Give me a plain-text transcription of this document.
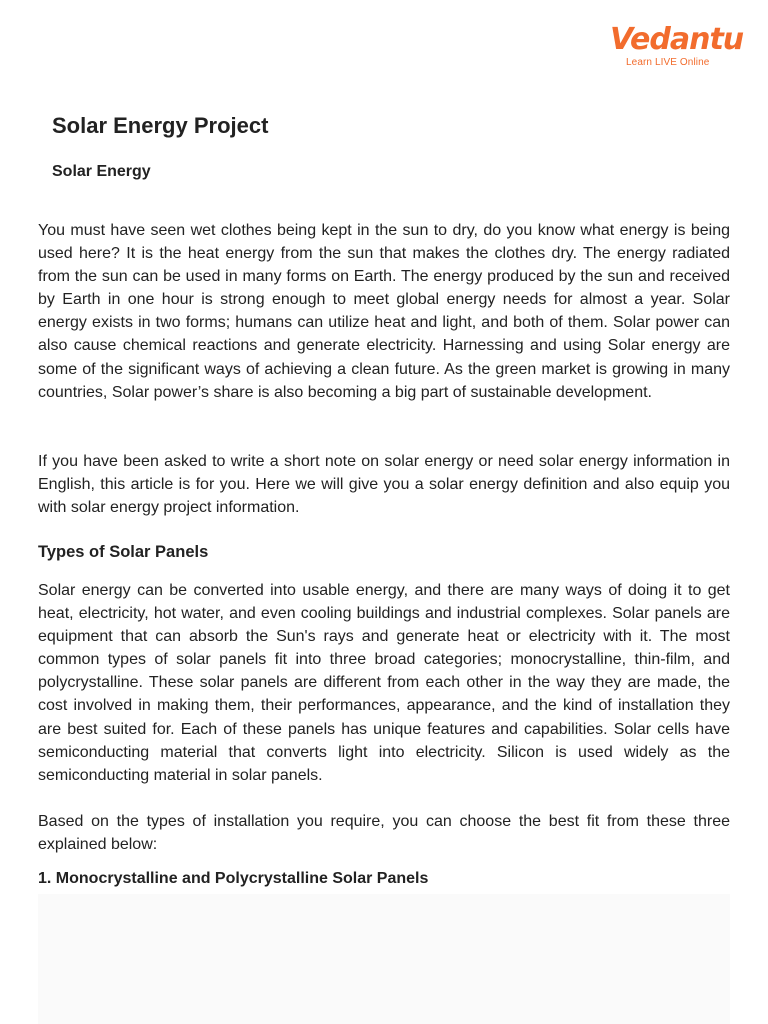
Vedantu
Learn LIVE Online
Solar Energy Project
Solar Energy

You must have seen wet clothes being kept in the sun to dry, do you know what energy is being used here? It is the heat energy from the sun that makes the clothes dry. The energy radiated from the sun can be used in many forms on Earth. The energy produced by the sun and received by Earth in one hour is strong enough to meet global energy needs for almost a year. Solar energy exists in two forms; humans can utilize heat and light, and both of them. Solar power can also cause chemical reactions and generate electricity. Harnessing and using Solar energy are some of the significant ways of achieving a clean future. As the green market is growing in many countries, Solar power’s share is also becoming a big part of sustainable development.

If you have been asked to write a short note on solar energy or need solar energy information in English, this article is for you. Here we will give you a solar energy definition and also equip you with solar energy project information.

Types of Solar Panels

Solar energy can be converted into usable energy, and there are many ways of doing it to get heat, electricity, hot water, and even cooling buildings and industrial complexes. Solar panels are equipment that can absorb the Sun's rays and generate heat or electricity with it. The most common types of solar panels fit into three broad categories; monocrystalline, thin-film, and polycrystalline. These solar panels are different from each other in the way they are made, the cost involved in making them, their performances, appearance, and the kind of installation they are best suited for. Each of these panels has unique features and capabilities. Solar cells have semiconducting material that converts light into electricity. Silicon is used widely as the semiconducting material in solar panels.

Based on the types of installation you require, you can choose the best fit from these three explained below:

1. Monocrystalline and Polycrystalline Solar Panels
